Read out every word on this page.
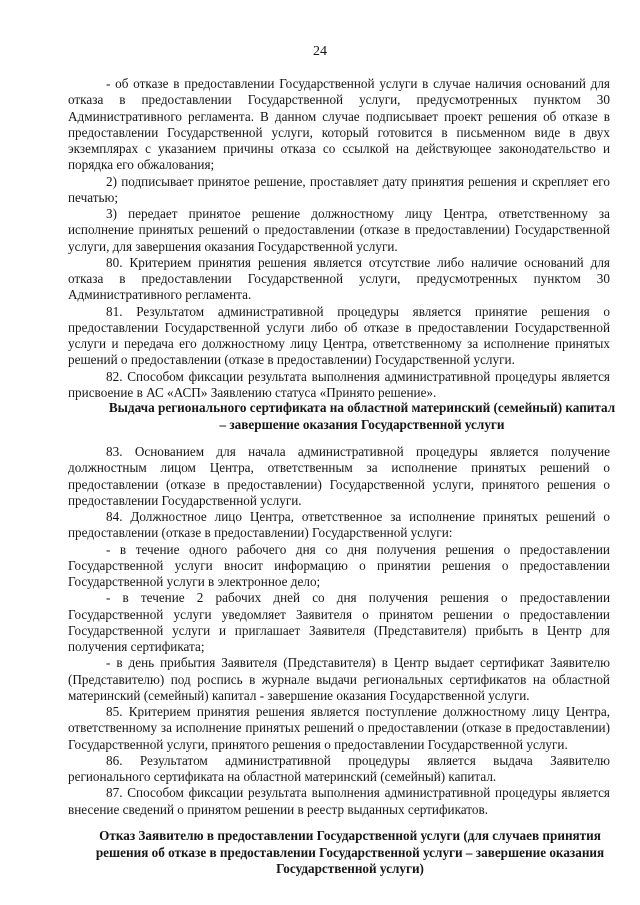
24

- об отказе в предоставлении Государственной услуги в случае наличия оснований для отказа в предоставлении Государственной услуги, предусмотренных пунктом 30 Административного регламента. В данном случае подписывает проект решения об отказе в предоставлении Государственной услуги, который готовится в письменном виде в двух экземплярах с указанием причины отказа со ссылкой на действующее законодательство и порядка его обжалования;

2) подписывает принятое решение, проставляет дату принятия решения и скрепляет его печатью;

3) передает принятое решение должностному лицу Центра, ответственному за исполнение принятых решений о предоставлении (отказе в предоставлении) Государственной услуги, для завершения оказания Государственной услуги.

80. Критерием принятия решения является отсутствие либо наличие оснований для отказа в предоставлении Государственной услуги, предусмотренных пунктом 30 Административного регламента.

81. Результатом административной процедуры является принятие решения о предоставлении Государственной услуги либо об отказе в предоставлении Государственной услуги и передача его должностному лицу Центра, ответственному за исполнение принятых решений о предоставлении (отказе в предоставлении) Государственной услуги.

82. Способом фиксации результата выполнения административной процедуры является присвоение в АС «АСП» Заявлению статуса «Принято решение».

Выдача регионального сертификата на областной материнский (семейный) капитал – завершение оказания Государственной услуги

83. Основанием для начала административной процедуры является получение должностным лицом Центра, ответственным за исполнение принятых решений о предоставлении (отказе в предоставлении) Государственной услуги, принятого решения о предоставлении Государственной услуги.

84. Должностное лицо Центра, ответственное за исполнение принятых решений о предоставлении (отказе в предоставлении) Государственной услуги:

- в течение одного рабочего дня со дня получения решения о предоставлении Государственной услуги вносит информацию о принятии решения о предоставлении Государственной услуги в электронное дело;

- в течение 2 рабочих дней со дня получения решения о предоставлении Государственной услуги уведомляет Заявителя о принятом решении о предоставлении Государственной услуги и приглашает Заявителя (Представителя) прибыть в Центр для получения сертификата;

- в день прибытия Заявителя (Представителя) в Центр выдает сертификат Заявителю (Представителю) под роспись в журнале выдачи региональных сертификатов на областной материнский (семейный) капитал - завершение оказания Государственной услуги.

85. Критерием принятия решения является поступление должностному лицу Центра, ответственному за исполнение принятых решений о предоставлении (отказе в предоставлении) Государственной услуги, принятого решения о предоставлении Государственной услуги.

86. Результатом административной процедуры является выдача Заявителю регионального сертификата на областной материнский (семейный) капитал.

87. Способом фиксации результата выполнения административной процедуры является внесение сведений о принятом решении в реестр выданных сертификатов.

Отказ Заявителю в предоставлении Государственной услуги (для случаев принятия решения об отказе в предоставлении Государственной услуги – завершение оказания Государственной услуги)
